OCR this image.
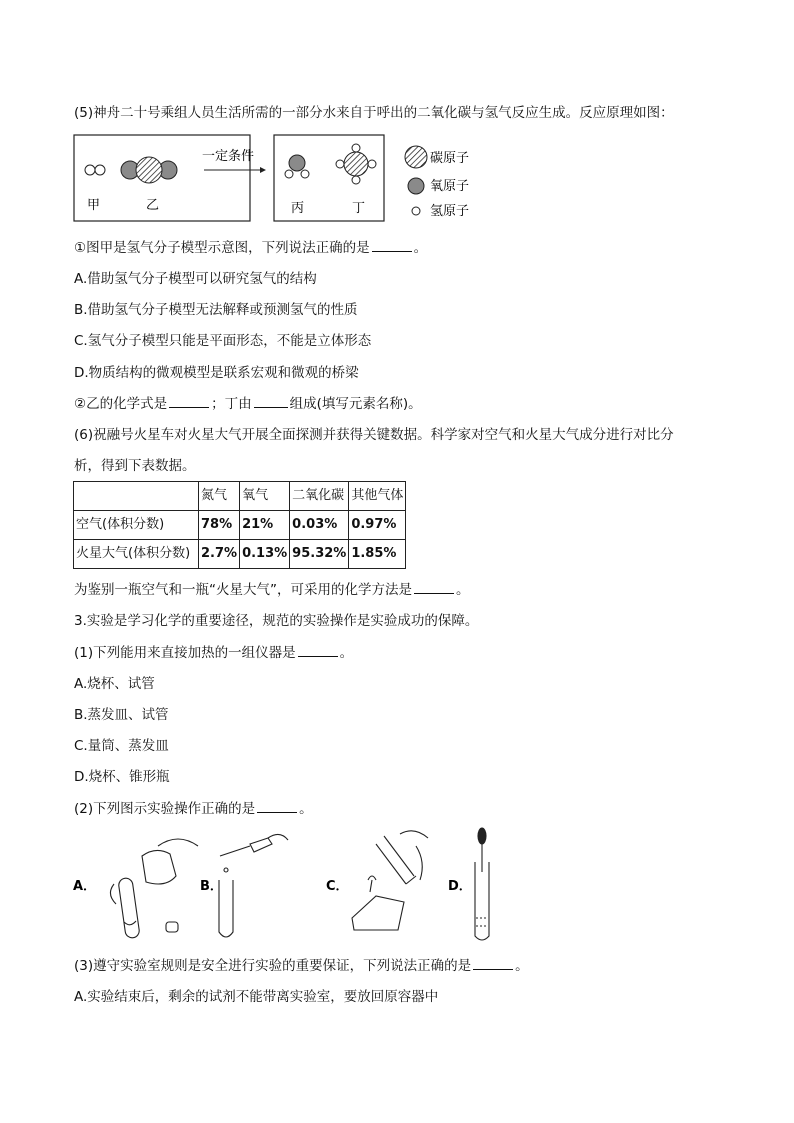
(5)神舟二十号乘组人员生活所需的一部分水来自于呼出的二氧化碳与氢气反应生成。反应原理如图：
甲	乙
一定条件
丙	丁
碳原子
氧原子
氢原子
①图甲是氢气分子模型示意图，下列说法正确的是	。
A.借助氢气分子模型可以研究氢气的结构
B.借助氢气分子模型无法解释或预测氢气的性质
C.氢气分子模型只能是平面形态，不能是立体形态
D.物质结构的微观模型是联系宏观和微观的桥梁
②乙的化学式是	；丁由	组成(填写元素名称)。
(6)祝融号火星车对火星大气开展全面探测并获得关键数据。科学家对空气和火星大气成分进行对比分
析，得到下表数据。
	氮气	氧气	二氧化碳	其他气体
空气(体积分数)	78%	21%	0.03%	0.97%
火星大气(体积分数)	2.7%	0.13%	95.32%	1.85%
为鉴别一瓶空气和一瓶“火星大气”，可采用的化学方法是	。
3.实验是学习化学的重要途径，规范的实验操作是实验成功的保障。
(1)下列能用来直接加热的一组仪器是	。
A.烧杯、试管
B.蒸发皿、试管
C.量筒、蒸发皿
D.烧杯、锥形瓶
(2)下列图示实验操作正确的是	。
A．	B．	C．	D．
(3)遵守实验室规则是安全进行实验的重要保证，下列说法正确的是	。
A.实验结束后，剩余的试剂不能带离实验室，要放回原容器中
